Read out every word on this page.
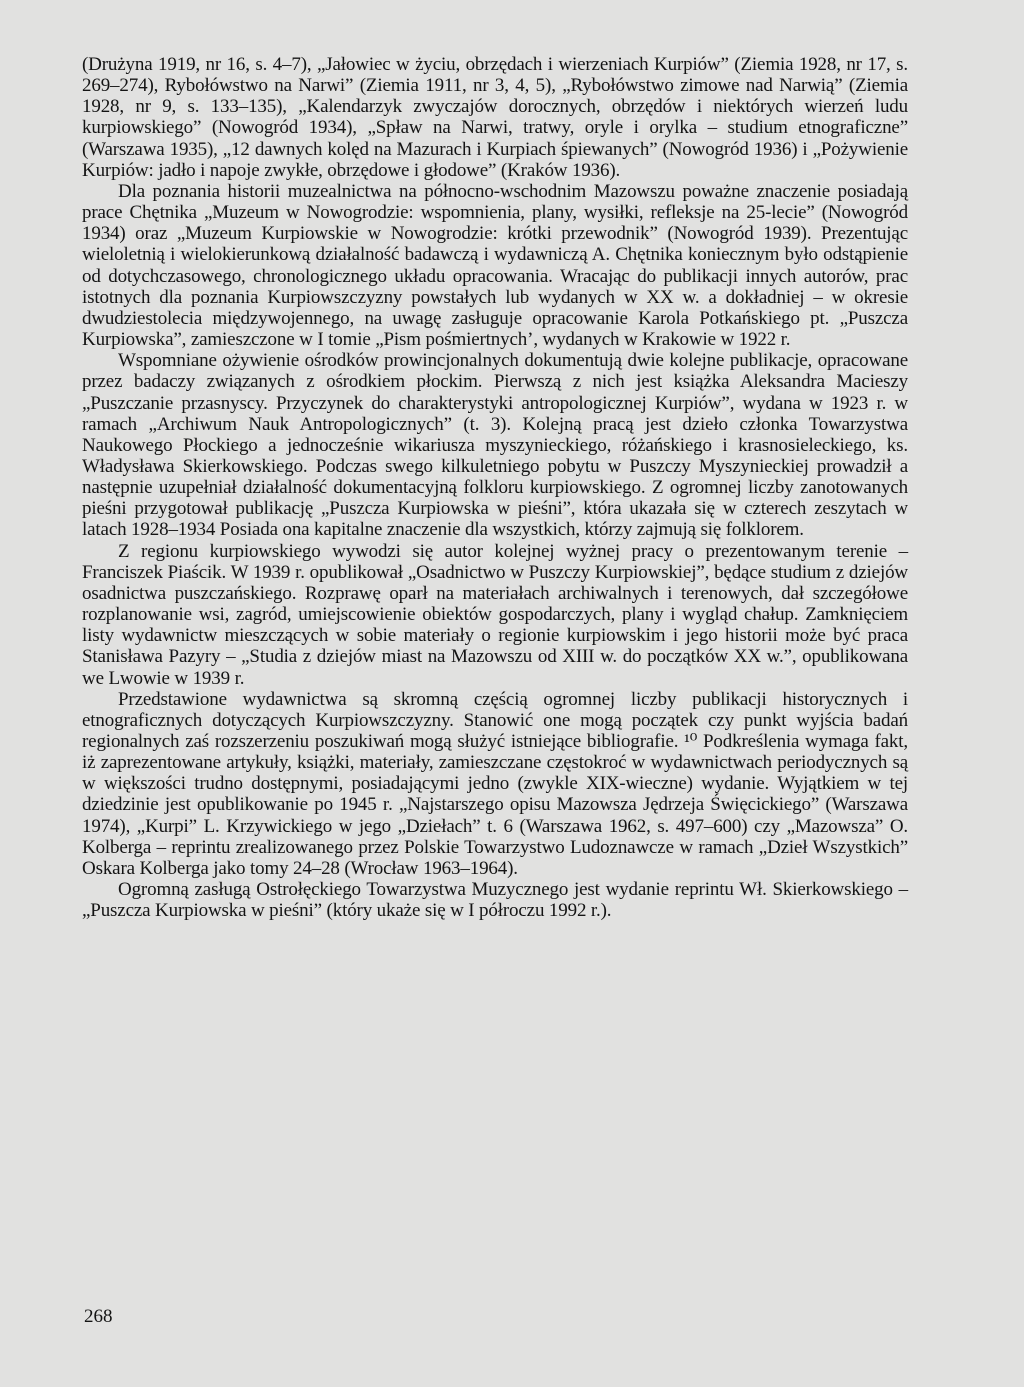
(Drużyna 1919, nr 16, s. 4–7), „Jałowiec w życiu, obrzędach i wierzeniach Kurpiów” (Ziemia 1928, nr 17, s. 269–274), Rybołówstwo na Narwi” (Ziemia 1911, nr 3, 4, 5), „Rybołówstwo zimowe nad Narwią” (Ziemia 1928, nr 9, s. 133–135), „Kalendarzyk zwyczajów dorocznych, obrzędów i niektórych wierzeń ludu kurpiowskiego” (Nowogród 1934), „Spław na Narwi, tratwy, oryle i orylka – studium etnograficzne” (Warszawa 1935), „12 dawnych kolęd na Mazurach i Kurpiach śpiewanych” (Nowogród 1936) i „Pożywienie Kurpiów: jadło i napoje zwykłe, obrzędowe i głodowe” (Kraków 1936).

Dla poznania historii muzealnictwa na północno-wschodnim Mazowszu poważne znaczenie posiadają prace Chętnika „Muzeum w Nowogrodzie: wspomnienia, plany, wysiłki, refleksje na 25-lecie” (Nowogród 1934) oraz „Muzeum Kurpiowskie w Nowogrodzie: krótki przewodnik” (Nowogród 1939). Prezentując wieloletnią i wielokierunkową działalność badawczą i wydawniczą A. Chętnika koniecznym było odstąpienie od dotychczasowego, chronologicznego układu opracowania. Wracając do publikacji innych autorów, prac istotnych dla poznania Kurpiowszczyzny powstałych lub wydanych w XX w. a dokładniej – w okresie dwudziestolecia międzywojennego, na uwagę zasługuje opracowanie Karola Potkańskiego pt. „Puszcza Kurpiowska”, zamieszczone w I tomie „Pism pośmiertnych’, wydanych w Krakowie w 1922 r.

Wspomniane ożywienie ośrodków prowincjonalnych dokumentują dwie kolejne publikacje, opracowane przez badaczy związanych z ośrodkiem płockim. Pierwszą z nich jest książka Aleksandra Macieszy „Puszczanie przasnyscy. Przyczynek do charakterystyki antropologicznej Kurpiów”, wydana w 1923 r. w ramach „Archiwum Nauk Antropologicznych” (t. 3). Kolejną pracą jest dzieło członka Towarzystwa Naukowego Płockiego a jednocześnie wikariusza myszynieckiego, różańskiego i krasnosieleckiego, ks. Władysława Skierkowskiego. Podczas swego kilkuletniego pobytu w Puszczy Myszynieckiej prowadził a następnie uzupełniał działalność dokumentacyjną folkloru kurpiowskiego. Z ogromnej liczby zanotowanych pieśni przygotował publikację „Puszcza Kurpiowska w pieśni”, która ukazała się w czterech zeszytach w latach 1928–1934 Posiada ona kapitalne znaczenie dla wszystkich, którzy zajmują się folklorem.

Z regionu kurpiowskiego wywodzi się autor kolejnej wyżnej pracy o prezentowanym terenie – Franciszek Piaścik. W 1939 r. opublikował „Osadnictwo w Puszczy Kurpiowskiej”, będące studium z dziejów osadnictwa puszczańskiego. Rozprawę oparł na materiałach archiwalnych i terenowych, dał szczegółowe rozplanowanie wsi, zagród, umiejscowienie obiektów gospodarczych, plany i wygląd chałup. Zamknięciem listy wydawnictw mieszczących w sobie materiały o regionie kurpiowskim i jego historii może być praca Stanisława Pazyry – „Studia z dziejów miast na Mazowszu od XIII w. do początków XX w.”, opublikowana we Lwowie w 1939 r.

Przedstawione wydawnictwa są skromną częścią ogromnej liczby publikacji historycznych i etnograficznych dotyczących Kurpiowszczyzny. Stanowić one mogą początek czy punkt wyjścia badań regionalnych zaś rozszerzeniu poszukiwań mogą służyć istniejące bibliografie. ¹⁰ Podkreślenia wymaga fakt, iż zaprezentowane artykuły, książki, materiały, zamieszczane częstokroć w wydawnictwach periodycznych są w większości trudno dostępnymi, posiadającymi jedno (zwykle XIX-wieczne) wydanie. Wyjątkiem w tej dziedzinie jest opublikowanie po 1945 r. „Najstarszego opisu Mazowsza Jędrzeja Święcickiego” (Warszawa 1974), „Kurpi” L. Krzywickiego w jego „Dziełach” t. 6 (Warszawa 1962, s. 497–600) czy „Mazowsza” O. Kolberga – reprintu zrealizowanego przez Polskie Towarzystwo Ludoznawcze w ramach „Dzieł Wszystkich” Oskara Kolberga jako tomy 24–28 (Wrocław 1963–1964).

Ogromną zasługą Ostrołęckiego Towarzystwa Muzycznego jest wydanie reprintu Wł. Skierkowskiego – „Puszcza Kurpiowska w pieśni” (który ukaże się w I półroczu 1992 r.).

268
